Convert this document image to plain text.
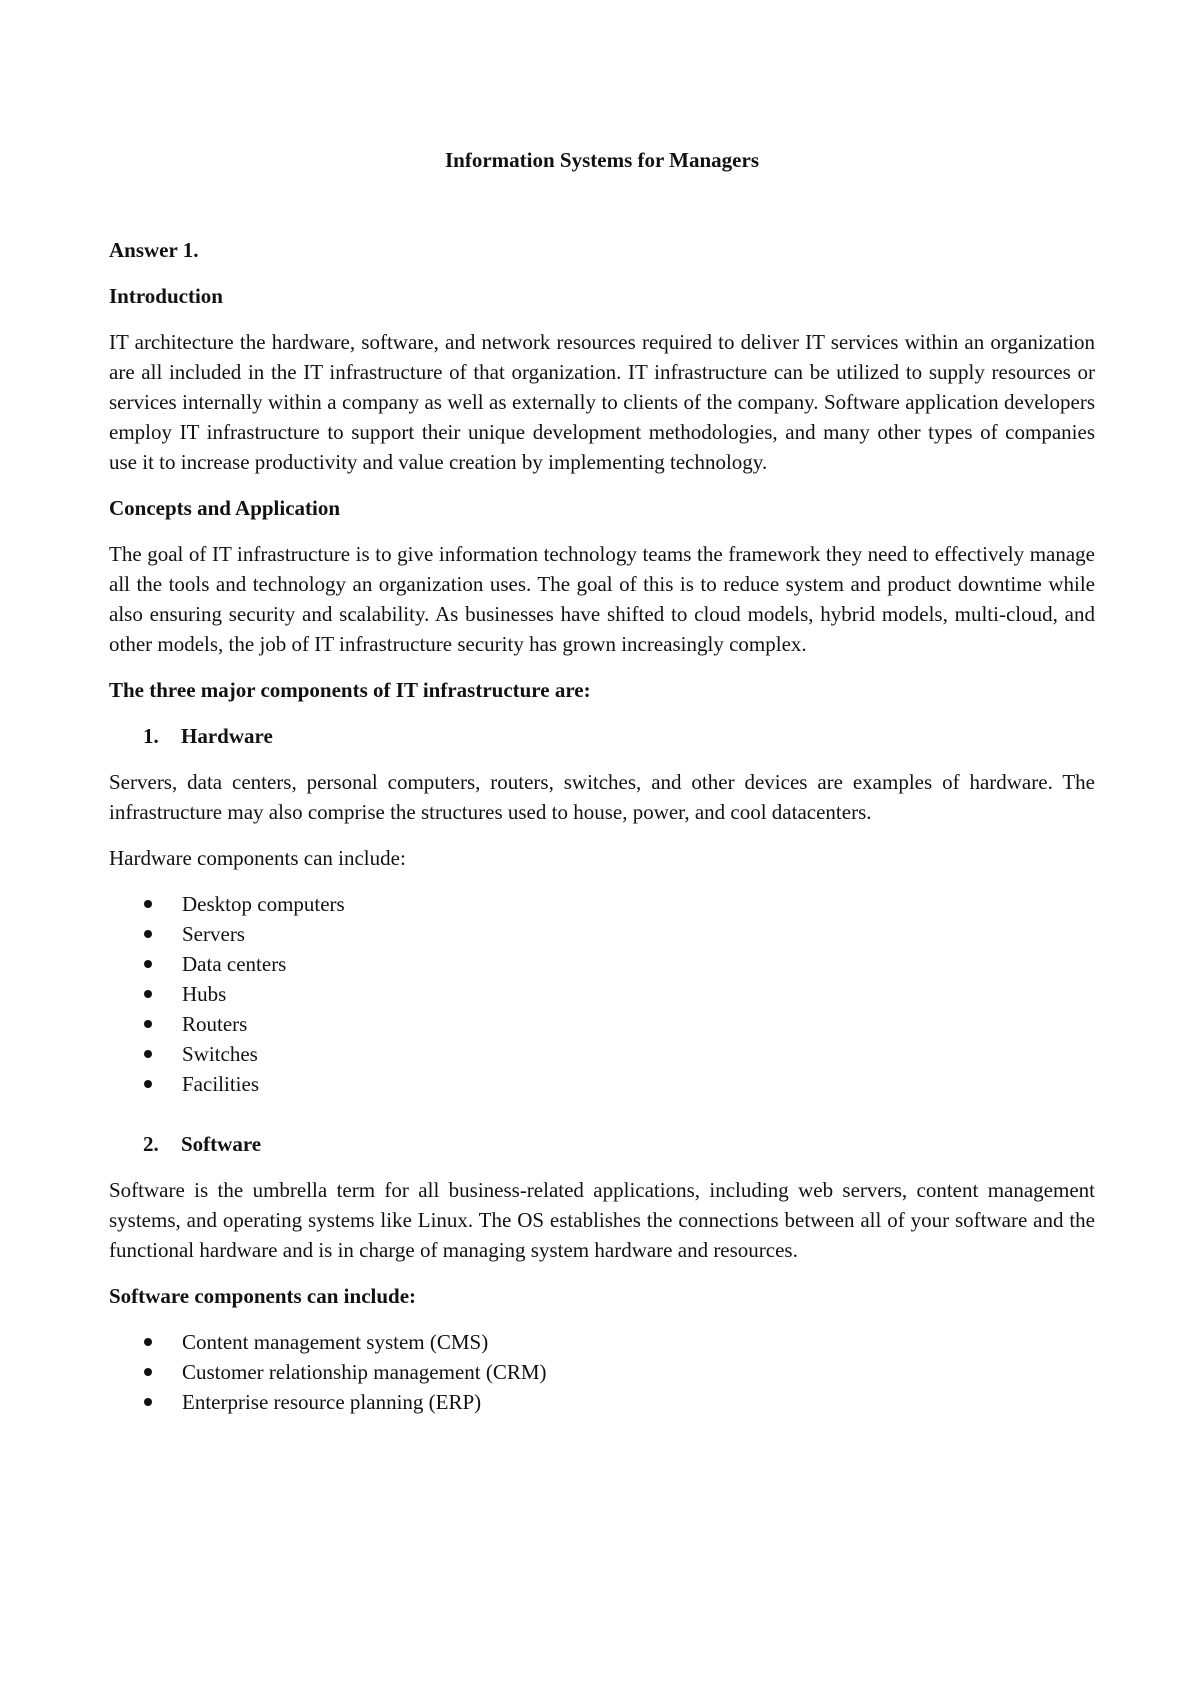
Information Systems for Managers
Answer 1.
Introduction
IT architecture the hardware, software, and network resources required to deliver IT services within an organization are all included in the IT infrastructure of that organization. IT infrastructure can be utilized to supply resources or services internally within a company as well as externally to clients of the company. Software application developers employ IT infrastructure to support their unique development methodologies, and many other types of companies use it to increase productivity and value creation by implementing technology.
Concepts and Application
The goal of IT infrastructure is to give information technology teams the framework they need to effectively manage all the tools and technology an organization uses. The goal of this is to reduce system and product downtime while also ensuring security and scalability. As businesses have shifted to cloud models, hybrid models, multi-cloud, and other models, the job of IT infrastructure security has grown increasingly complex.
The three major components of IT infrastructure are:
1.	Hardware
Servers, data centers, personal computers, routers, switches, and other devices are examples of hardware. The infrastructure may also comprise the structures used to house, power, and cool datacenters.
Hardware components can include:
Desktop computers
Servers
Data centers
Hubs
Routers
Switches
Facilities
2.	Software
Software is the umbrella term for all business-related applications, including web servers, content management systems, and operating systems like Linux. The OS establishes the connections between all of your software and the functional hardware and is in charge of managing system hardware and resources.
Software components can include:
Content management system (CMS)
Customer relationship management (CRM)
Enterprise resource planning (ERP)
